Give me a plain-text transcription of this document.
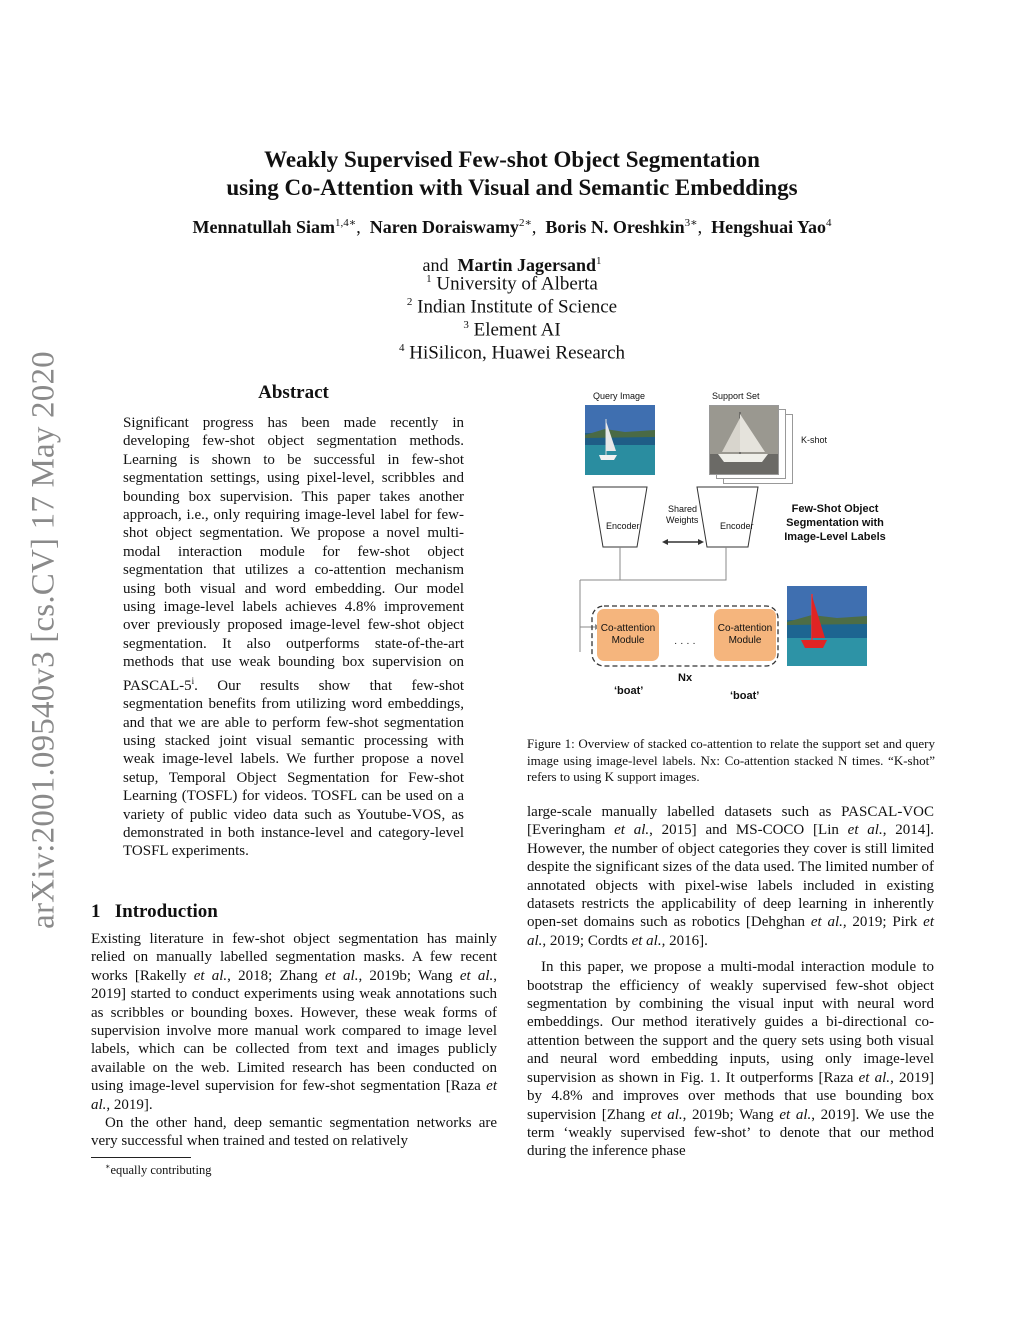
arXiv:2001.09540v3 [cs.CV] 17 May 2020
Weakly Supervised Few-shot Object Segmentation
using Co-Attention with Visual and Semantic Embeddings
Mennatullah Siam$^{1,4∗}$,  Naren Doraiswamy$^{2∗}$,  Boris N. Oreshkin$^{3∗}$,  Hengshuai Yao$^4$
and Martin Jagersand$^1$
$^1$ University of Alberta
$^2$ Indian Institute of Science
$^3$ Element AI
$^4$ HiSilicon, Huawei Research
Abstract
Significant progress has been made recently in developing few-shot object segmentation methods. Learning is shown to be successful in few-shot segmentation settings, using pixel-level, scribbles and bounding box supervision. This paper takes another approach, i.e., only requiring image-level label for few-shot object segmentation. We propose a novel multi-modal interaction module for few-shot object segmentation that utilizes a co-attention mechanism using both visual and word embedding. Our model using image-level labels achieves 4.8% improvement over previously proposed image-level few-shot object segmentation. It also outperforms state-of-the-art methods that use weak bounding box supervision on PASCAL-5$^i$. Our results show that few-shot segmentation benefits from utilizing word embeddings, and that we are able to perform few-shot segmentation using stacked joint visual semantic processing with weak image-level labels. We further propose a novel setup, Temporal Object Segmentation for Few-shot Learning (TOSFL) for videos. TOSFL can be used on a variety of public video data such as Youtube-VOS, as demonstrated in both instance-level and category-level TOSFL experiments.
1 Introduction

Existing literature in few-shot object segmentation has mainly relied on manually labelled segmentation masks. A few recent works [Rakelly et al., 2018; Zhang et al., 2019b; Wang et al., 2019] started to conduct experiments using weak annotations such as scribbles or bounding boxes. However, these weak forms of supervision involve more manual work compared to image level labels, which can be collected from text and images publicly available on the web. Limited research has been conducted on using image-level supervision for few-shot segmentation [Raza et al., 2019].

On the other hand, deep semantic segmentation networks are very successful when trained and tested on relatively

∗equally contributing
Query Image	Support Set
K-shot
Encoder	Encoder
Shared
Weights
Few-Shot Object
Segmentation with
Image-Level Labels
Co-attention
Module
Co-attention
Module
· · · ·
Nx
‘boat’	‘boat’
Figure 1: Overview of stacked co-attention to relate the support set and query image using image-level labels. Nx: Co-attention stacked N times. “K-shot” refers to using K support images.

large-scale manually labelled datasets such as PASCAL-VOC [Everingham et al., 2015] and MS-COCO [Lin et al., 2014]. However, the number of object categories they cover is still limited despite the significant sizes of the data used. The limited number of annotated objects with pixel-wise labels included in existing datasets restricts the applicability of deep learning in inherently open-set domains such as robotics [Dehghan et al., 2019; Pirk et al., 2019; Cordts et al., 2016].

In this paper, we propose a multi-modal interaction module to bootstrap the efficiency of weakly supervised few-shot object segmentation by combining the visual input with neural word embeddings. Our method iteratively guides a bi-directional co-attention between the support and the query sets using both visual and neural word embedding inputs, using only image-level supervision as shown in Fig. 1. It outperforms [Raza et al., 2019] by 4.8% and improves over methods that use bounding box supervision [Zhang et al., 2019b; Wang et al., 2019]. We use the term ‘weakly supervised few-shot’ to denote that our method during the inference phase
